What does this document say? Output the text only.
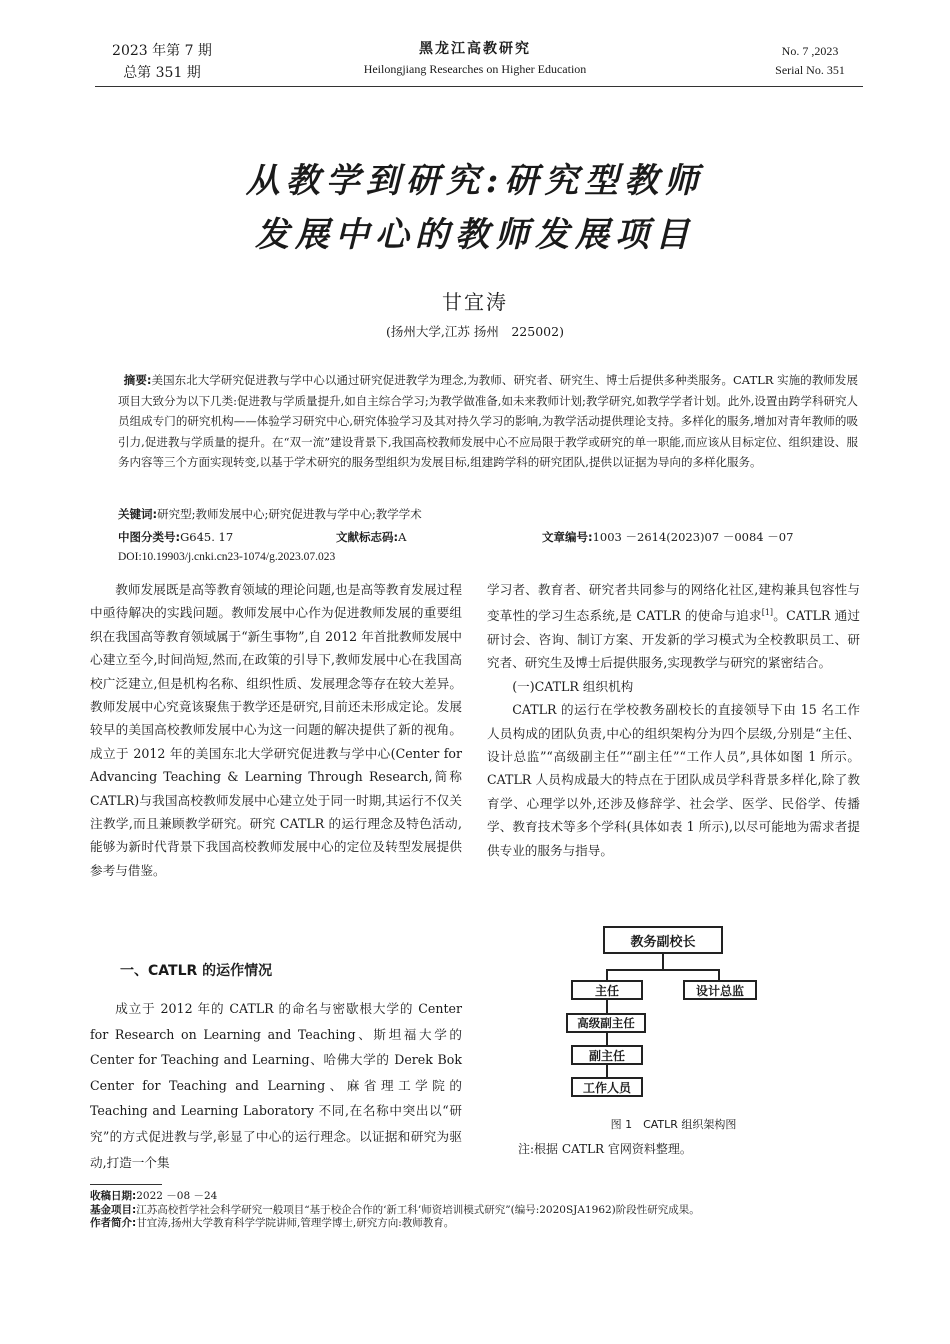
2023 年第 7 期
总第 351 期
黑龙江高教研究
Heilongjiang Researches on Higher Education
No. 7 ,2023
Serial No. 351
从教学到研究:研究型教师
发展中心的教师发展项目
甘宜涛
(扬州大学,江苏 扬州　225002)
摘要:美国东北大学研究促进教与学中心以通过研究促进教学为理念,为教师、研究者、研究生、博士后提供多种类服务。CATLR 实施的教师发展项目大致分为以下几类:促进教与学质量提升,如自主综合学习;为教学做准备,如未来教师计划;教学研究,如教学学者计划。此外,设置由跨学科研究人员组成专门的研究机构——体验学习研究中心,研究体验学习及其对持久学习的影响,为教学活动提供理论支持。多样化的服务,增加对青年教师的吸引力,促进教与学质量的提升。在“双一流”建设背景下,我国高校教师发展中心不应局限于教学或研究的单一职能,而应该从目标定位、组织建设、服务内容等三个方面实现转变,以基于学术研究的服务型组织为发展目标,组建跨学科的研究团队,提供以证据为导向的多样化服务。
关键词:研究型;教师发展中心;研究促进教与学中心;教学学术
中图分类号: G645. 17	文献标志码: A	文章编号: 1003 －2614(2023)07 －0084 －07
DOI:10.19903/j.cnki.cn23-1074/g.2023.07.023

教师发展既是高等教育领域的理论问题,也是高等教育发展过程中亟待解决的实践问题。教师发展中心作为促进教师发展的重要组织在我国高等教育领域属于“新生事物”,自 2012 年首批教师发展中心建立至今,时间尚短,然而,在政策的引导下,教师发展中心在我国高校广泛建立,但是机构名称、组织性质、发展理念等存在较大差异。教师发展中心究竟该聚焦于教学还是研究,目前还未形成定论。发展较早的美国高校教师发展中心为这一问题的解决提供了新的视角。成立于 2012 年的美国东北大学研究促进教与学中心(Center for Advancing Teaching & Learning Through Research,简称 CATLR)与我国高校教师发展中心建立处于同一时期,其运行不仅关注教学,而且兼顾教学研究。研究 CATLR 的运行理念及特色活动,能够为新时代背景下我国高校教师发展中心的定位及转型发展提供参考与借鉴。

一、CATLR 的运作情况

成立于 2012 年的 CATLR 的命名与密歇根大学的 Center for Research on Learning and Teaching、斯坦福大学的 Center for Teaching and Learning、哈佛大学的 Derek Bok Center for Teaching and Learning、麻省理工学院的 Teaching and Learning Laboratory 不同,在名称中突出以“研究”的方式促进教与学,彰显了中心的运行理念。以证据和研究为驱动,打造一个集

学习者、教育者、研究者共同参与的网络化社区,建构兼具包容性与变革性的学习生态系统,是 CATLR 的使命与追求[1]。CATLR 通过研讨会、咨询、制订方案、开发新的学习模式为全校教职员工、研究者、研究生及博士后提供服务,实现教学与研究的紧密结合。
(一)CATLR 组织机构

CATLR 的运行在学校教务副校长的直接领导下由 15 名工作人员构成的团队负责,中心的组织架构分为四个层级,分别是“主任、设计总监”“高级副主任”“副主任”“工作人员”,具体如图 1 所示。CATLR 人员构成最大的特点在于团队成员学科背景多样化,除了教育学、心理学以外,还涉及修辞学、社会学、医学、民俗学、传播学、教育技术等多个学科(具体如表 1 所示),以尽可能地为需求者提供专业的服务与指导。

教务副校长
主任	设计总监
高级副主任
副主任
工作人员
图 1　CATLR 组织架构图
注:根据 CATLR 官网资料整理。
收稿日期:2022 －08 －24
基金项目:江苏高校哲学社会科学研究一般项目“基于校企合作的‘新工科’师资培训模式研究”(编号:2020SJA1962)阶段性研究成果。
作者简介:甘宜涛,扬州大学教育科学学院讲师,管理学博士,研究方向:教师教育。
